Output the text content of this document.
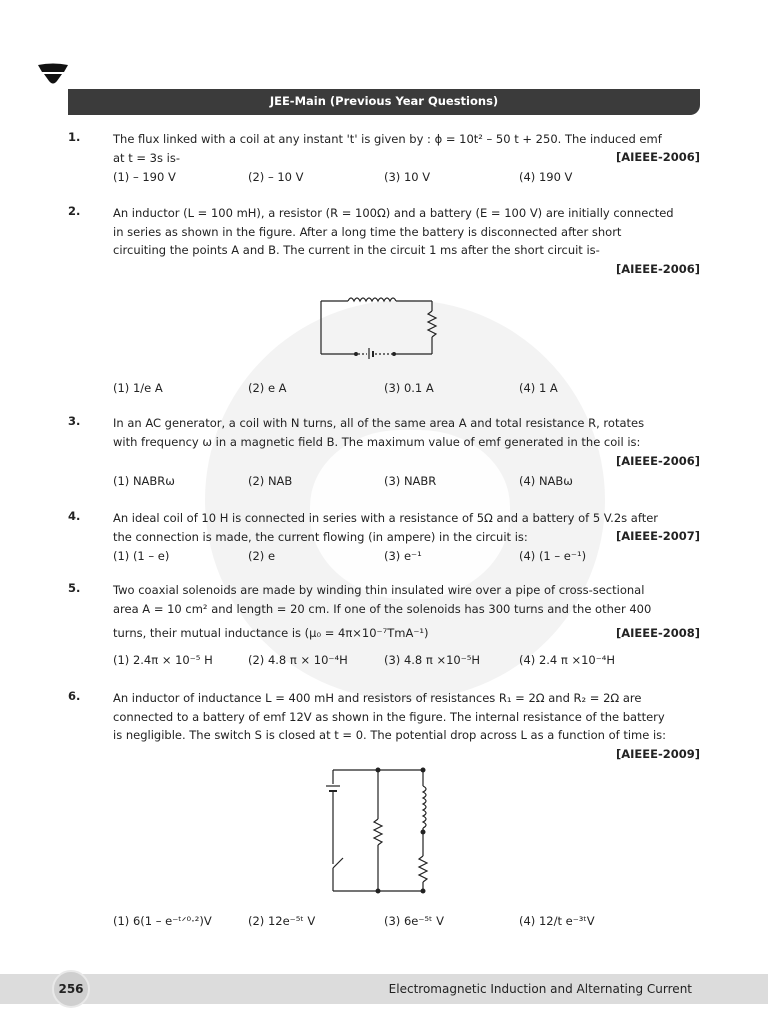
JEE-Main (Previous Year Questions)
1.	The flux linked with a coil at any instant 't' is given by : ϕ = 10t² – 50 t + 250. The induced emf
at t = 3s is-	[AIEEE-2006]
(1) – 190 V	(2) – 10 V	(3) 10 V	(4) 190 V
2.	An inductor (L = 100 mH), a resistor (R = 100Ω) and a battery (E = 100 V) are initially connected
in series as shown in the figure. After a long time the battery is disconnected after short
circuiting the points A and B. The current in the circuit 1 ms after the short circuit is-
[AIEEE-2006]
(1) 1/e A	(2) e A	(3) 0.1 A	(4) 1 A
3.	In an AC generator, a coil with N turns, all of the same area A and total resistance R, rotates
with frequency ω in a magnetic field B. The maximum value of emf generated in the coil is:
[AIEEE-2006]
(1) NABRω	(2) NAB	(3) NABR	(4) NABω
4.	An ideal coil of 10 H is connected in series with a resistance of 5Ω and a battery of 5 V.2s after
the connection is made, the current flowing (in ampere) in the circuit is:	[AIEEE-2007]
(1) (1 – e)	(2) e	(3) e⁻¹	(4) (1 – e⁻¹)
5.	Two coaxial solenoids are made by winding thin insulated wire over a pipe of cross-sectional
area A = 10 cm² and length = 20 cm. If one of the solenoids has 300 turns and the other 400
turns, their mutual inductance is (μ₀ = 4π×10⁻⁷TmA⁻¹)	[AIEEE-2008]
(1) 2.4π × 10⁻⁵ H	(2) 4.8 π × 10⁻⁴H	(3) 4.8 π ×10⁻⁵H	(4) 2.4 π ×10⁻⁴H
6.	An inductor of inductance L = 400 mH and resistors of resistances R₁ = 2Ω and R₂ = 2Ω are
connected to a battery of emf 12V as shown in the figure. The internal resistance of the battery
is negligible. The switch S is closed at t = 0. The potential drop across L as a function of time is:
[AIEEE-2009]
(1) 6(1 – e⁻ᵗᐟ⁰·²)V	(2) 12e⁻⁵ᵗ V	(3) 6e⁻⁵ᵗ V	(4) 12/t e⁻³ᵗV
Electromagnetic Induction and Alternating Current
256
